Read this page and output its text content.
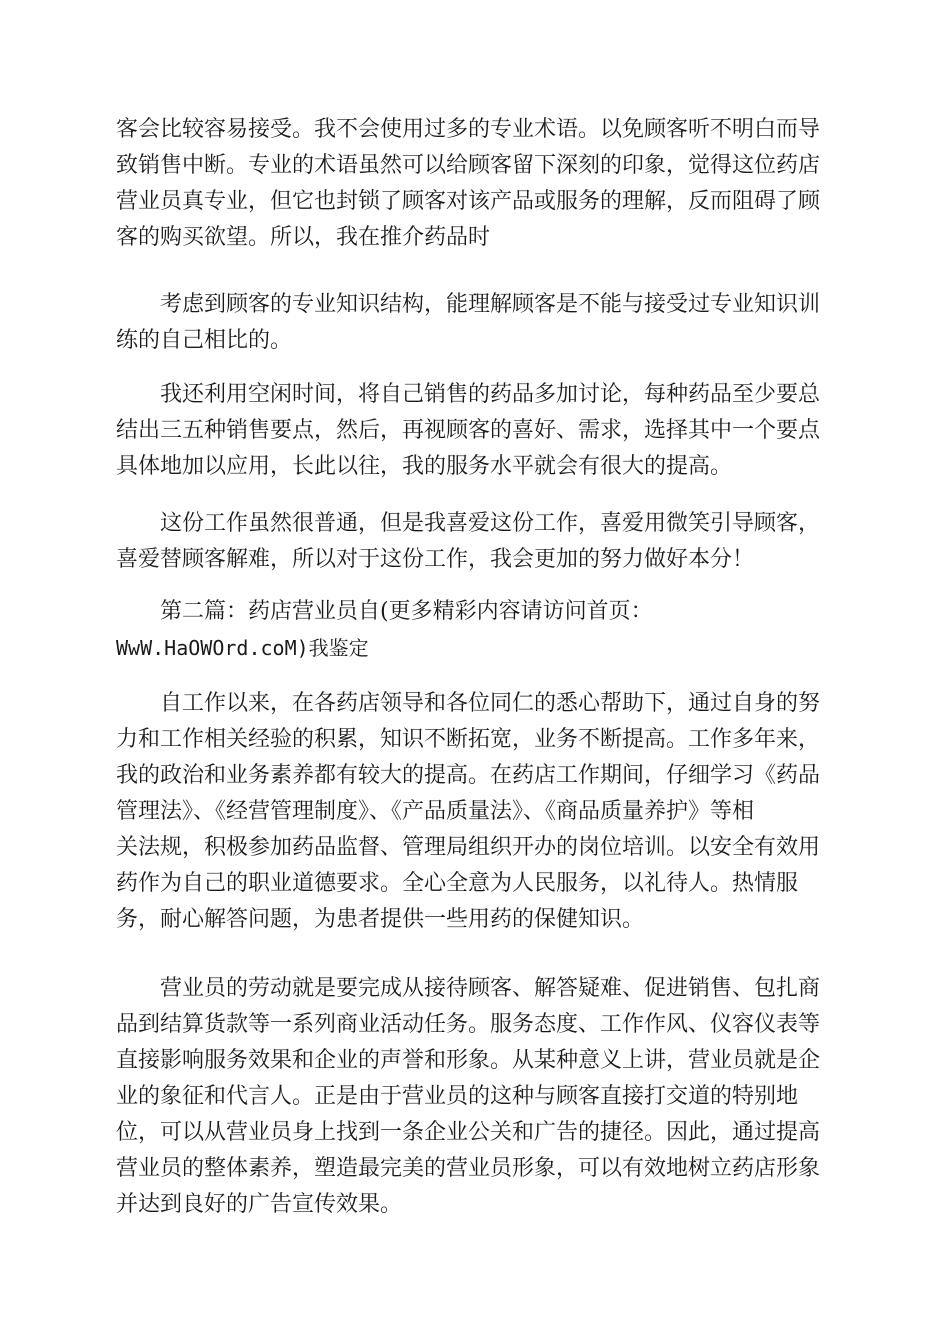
客会比较容易接受。我不会使用过多的专业术语。以免顾客听不明白而导
致销售中断。专业的术语虽然可以给顾客留下深刻的印象，觉得这位药店
营业员真专业，但它也封锁了顾客对该产品或服务的理解，反而阻碍了顾
客的购买欲望。所以，我在推介药品时

　　考虑到顾客的专业知识结构，能理解顾客是不能与接受过专业知识训
练的自己相比的。

　　我还利用空闲时间，将自己销售的药品多加讨论，每种药品至少要总
结出三五种销售要点，然后，再视顾客的喜好、需求，选择其中一个要点
具体地加以应用，长此以往，我的服务水平就会有很大的提高。

　　这份工作虽然很普通，但是我喜爱这份工作，喜爱用微笑引导顾客，
喜爱替顾客解难，所以对于这份工作，我会更加的努力做好本分！

　　第二篇：药店营业员自(更多精彩内容请访问首页：
WwW.HaOWOrd.coM)我鉴定

　　自工作以来，在各药店领导和各位同仁的悉心帮助下，通过自身的努
力和工作相关经验的积累，知识不断拓宽，业务不断提高。工作多年来，
我的政治和业务素养都有较大的提高。在药店工作期间，仔细学习《药品
管理法》、《经营管理制度》、《产品质量法》、《商品质量养护》等相
关法规，积极参加药品监督、管理局组织开办的岗位培训。以安全有效用
药作为自己的职业道德要求。全心全意为人民服务，以礼待人。热情服
务，耐心解答问题，为患者提供一些用药的保健知识。

　　营业员的劳动就是要完成从接待顾客、解答疑难、促进销售、包扎商
品到结算货款等一系列商业活动任务。服务态度、工作作风、仪容仪表等
直接影响服务效果和企业的声誉和形象。从某种意义上讲，营业员就是企
业的象征和代言人。正是由于营业员的这种与顾客直接打交道的特别地
位，可以从营业员身上找到一条企业公关和广告的捷径。因此，通过提高
营业员的整体素养，塑造最完美的营业员形象，可以有效地树立药店形象
并达到良好的广告宣传效果。
